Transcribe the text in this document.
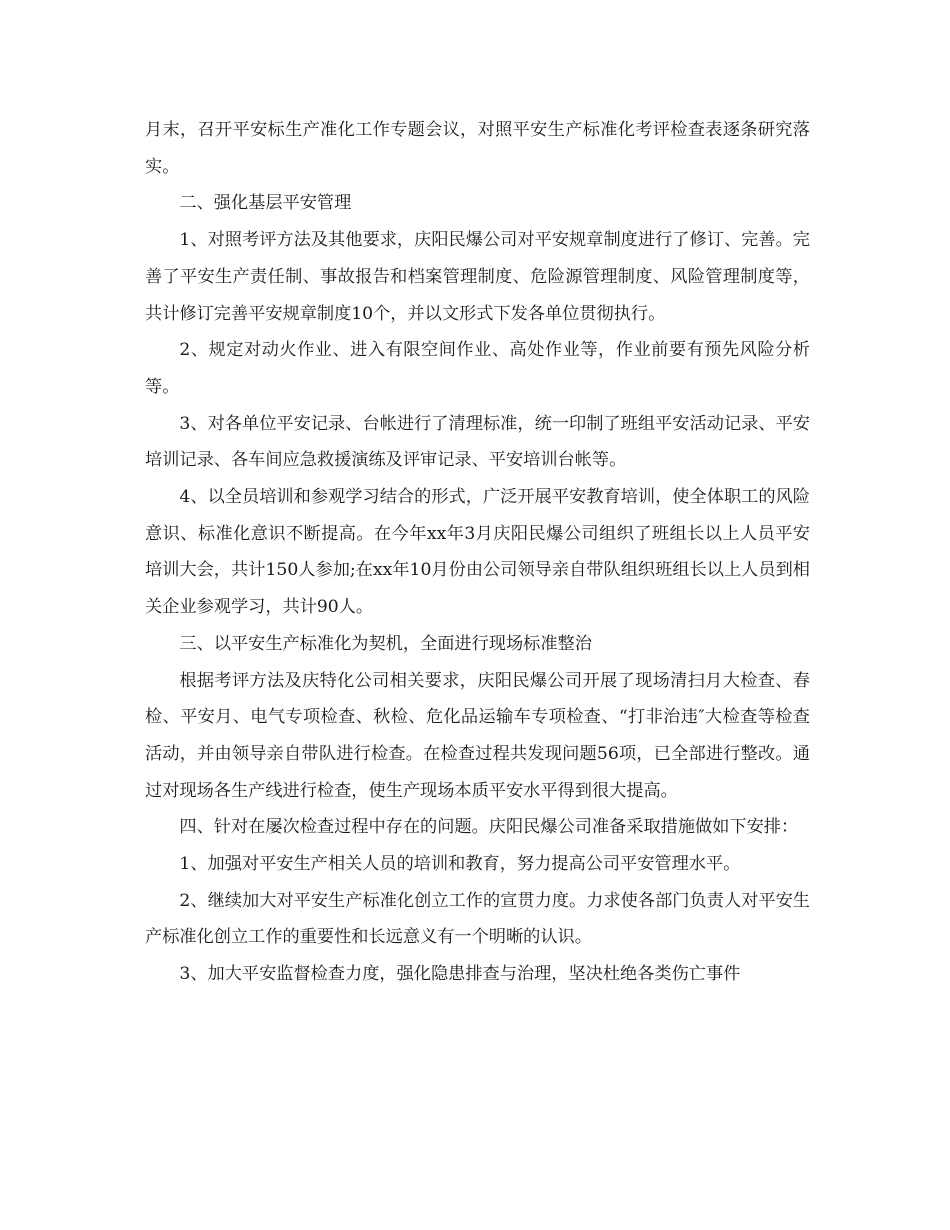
月末，召开平安标生产准化工作专题会议，对照平安生产标准化考评检查表逐条研究落实。

二、强化基层平安管理

1、对照考评方法及其他要求，庆阳民爆公司对平安规章制度进行了修订、完善。完善了平安生产责任制、事故报告和档案管理制度、危险源管理制度、风险管理制度等，共计修订完善平安规章制度10个，并以文形式下发各单位贯彻执行。

2、规定对动火作业、进入有限空间作业、高处作业等，作业前要有预先风险分析等。

3、对各单位平安记录、台帐进行了清理标准，统一印制了班组平安活动记录、平安培训记录、各车间应急救援演练及评审记录、平安培训台帐等。

4、以全员培训和参观学习结合的形式，广泛开展平安教育培训，使全体职工的风险意识、标准化意识不断提高。在今年xx年3月庆阳民爆公司组织了班组长以上人员平安培训大会，共计150人参加;在xx年10月份由公司领导亲自带队组织班组长以上人员到相关企业参观学习，共计90人。

三、以平安生产标准化为契机，全面进行现场标准整治

根据考评方法及庆特化公司相关要求，庆阳民爆公司开展了现场清扫月大检查、春检、平安月、电气专项检查、秋检、危化品运输车专项检查、“打非治违″大检查等检查活动，并由领导亲自带队进行检查。在检查过程共发现问题56项，已全部进行整改。通过对现场各生产线进行检查，使生产现场本质平安水平得到很大提高。

四、针对在屡次检查过程中存在的问题。庆阳民爆公司准备采取措施做如下安排：

1、加强对平安生产相关人员的培训和教育，努力提高公司平安管理水平。

2、继续加大对平安生产标准化创立工作的宣贯力度。力求使各部门负责人对平安生产标准化创立工作的重要性和长远意义有一个明晰的认识。

3、加大平安监督检查力度，强化隐患排查与治理，坚决杜绝各类伤亡事件
